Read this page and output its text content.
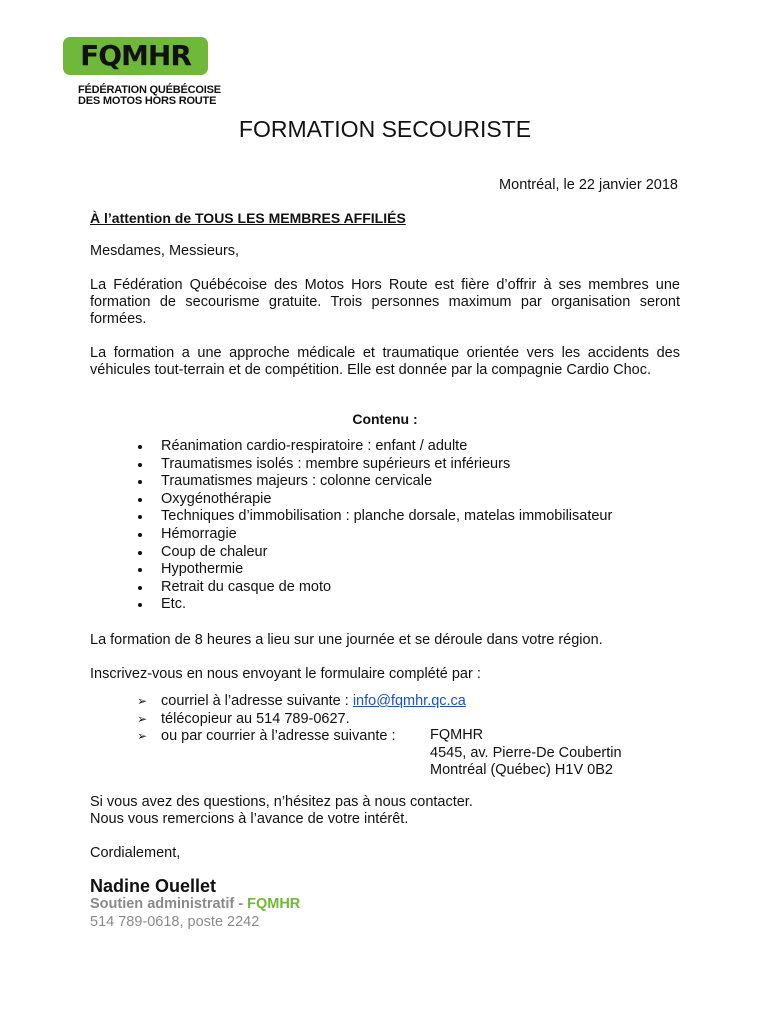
FQMHR
FÉDÉRATION QUÉBÉCOISE
DES MOTOS HORS ROUTE
FORMATION SECOURISTE
Montréal, le 22 janvier 2018
À l’attention de TOUS LES MEMBRES AFFILIÉS
Mesdames, Messieurs,
La Fédération Québécoise des Motos Hors Route est fière d’offrir à ses membres une formation de secourisme gratuite. Trois personnes maximum par organisation seront formées.
La formation a une approche médicale et traumatique orientée vers les accidents des véhicules tout-terrain et de compétition. Elle est donnée par la compagnie Cardio Choc.
Contenu :
Réanimation cardio-respiratoire : enfant / adulte
Traumatismes isolés : membre supérieurs et inférieurs
Traumatismes majeurs : colonne cervicale
Oxygénothérapie
Techniques d’immobilisation : planche dorsale, matelas immobilisateur
Hémorragie
Coup de chaleur
Hypothermie
Retrait du casque de moto
Etc.
La formation de 8 heures a lieu sur une journée et se déroule dans votre région.
Inscrivez-vous en nous envoyant le formulaire complété par :
➢ courriel à l’adresse suivante : info@fqmhr.qc.ca
➢ télécopieur au 514 789-0627.
➢ ou par courrier à l’adresse suivante :	FQMHR
4545, av. Pierre-De Coubertin
Montréal (Québec) H1V 0B2
Si vous avez des questions, n’hésitez pas à nous contacter.
Nous vous remercions à l’avance de votre intérêt.
Cordialement,
Nadine Ouellet
Soutien administratif - FQMHR
514 789-0618, poste 2242
